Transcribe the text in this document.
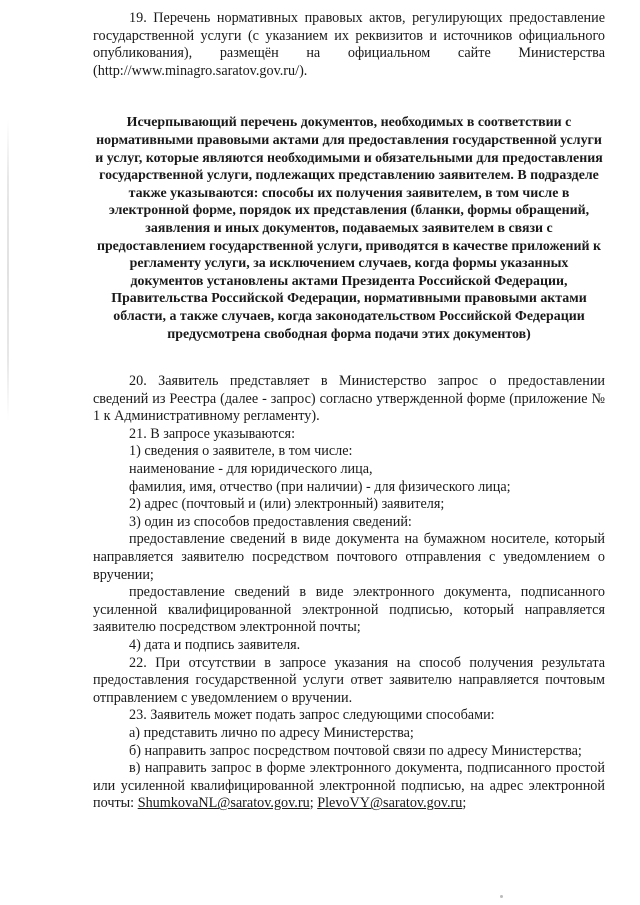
19. Перечень нормативных правовых актов, регулирующих предоставление государственной услуги (с указанием их реквизитов и источников официального опубликования), размещён на официальном сайте Министерства (http://www.minagro.saratov.gov.ru/).

Исчерпывающий перечень документов, необходимых в соответствии с нормативными правовыми актами для предоставления государственной услуги и услуг, которые являются необходимыми и обязательными для предоставления государственной услуги, подлежащих представлению заявителем. В подразделе также указываются: способы их получения заявителем, в том числе в электронной форме, порядок их представления (бланки, формы обращений, заявления и иных документов, подаваемых заявителем в связи с предоставлением государственной услуги, приводятся в качестве приложений к регламенту услуги, за исключением случаев, когда формы указанных документов установлены актами Президента Российской Федерации, Правительства Российской Федерации, нормативными правовыми актами области, а также случаев, когда законодательством Российской Федерации предусмотрена свободная форма подачи этих документов)

20. Заявитель представляет в Министерство запрос о предоставлении сведений из Реестра (далее - запрос) согласно утвержденной форме (приложение № 1 к Административному регламенту).

21. В запросе указываются:

1) сведения о заявителе, в том числе:

наименование - для юридического лица,

фамилия, имя, отчество (при наличии) - для физического лица;

2) адрес (почтовый и (или) электронный) заявителя;

3) один из способов предоставления сведений:

предоставление сведений в виде документа на бумажном носителе, который направляется заявителю посредством почтового отправления с уведомлением о вручении;

предоставление сведений в виде электронного документа, подписанного усиленной квалифицированной электронной подписью, который направляется заявителю посредством электронной почты;

4) дата и подпись заявителя.

22. При отсутствии в запросе указания на способ получения результата предоставления государственной услуги ответ заявителю направляется почтовым отправлением с уведомлением о вручении.

23. Заявитель может подать запрос следующими способами:

а) представить лично по адресу Министерства;

б) направить запрос посредством почтовой связи по адресу Министерства;

в) направить запрос в форме электронного документа, подписанного простой или усиленной квалифицированной электронной подписью, на адрес электронной почты: ShumkovaNL@saratov.gov.ru; PlevoVY@saratov.gov.ru;
